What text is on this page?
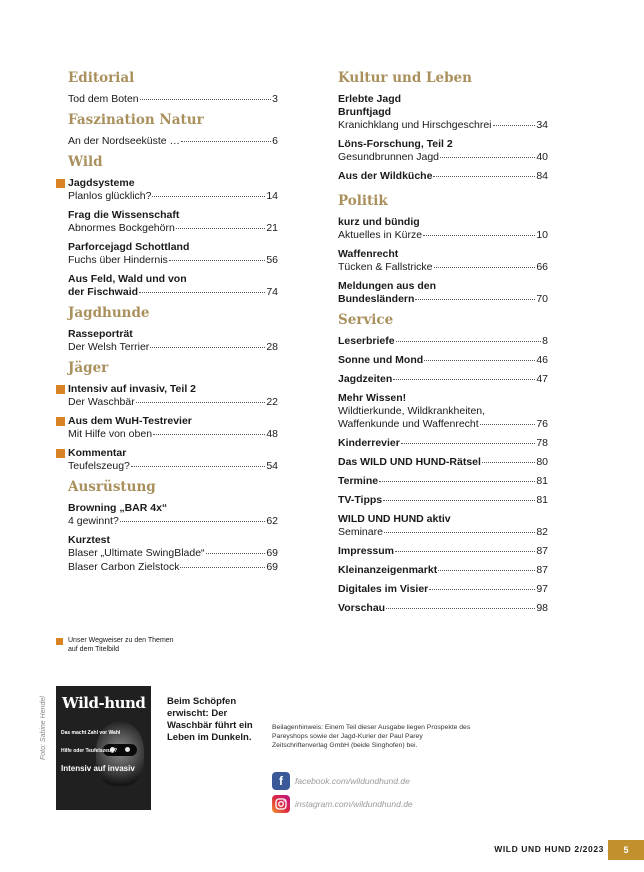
Editorial
Tod dem Boten	3
Faszination Natur
An der Nordseeküste …	6
Wild
Jagdsysteme
Planlos glücklich?	14
Frag die Wissenschaft
Abnormes Bockgehörn	21
Parforcejagd Schottland
Fuchs über Hindernis	56
Aus Feld, Wald und von
der Fischwaid	74
Jagdhunde
Rasseporträt
Der Welsh Terrier	28
Jäger
Intensiv auf invasiv, Teil 2
Der Waschbär	22
Aus dem WuH-Testrevier
Mit Hilfe von oben	48
Kommentar
Teufelszeug?	54
Ausrüstung
Browning „BAR 4x“
4 gewinnt?	62
Kurztest
Blaser „Ultimate SwingBlade“	69
Blaser Carbon Zielstock	69
Kultur und Leben
Erlebte Jagd
Brunftjagd
Kranichklang und Hirschgeschrei	34
Löns-Forschung, Teil 2
Gesundbrunnen Jagd	40
Aus der Wildküche	84
Politik
kurz und bündig
Aktuelles in Kürze	10
Waffenrecht
Tücken & Fallstricke	66
Meldungen aus den
Bundesländern	70
Service
Leserbriefe	8
Sonne und Mond	46
Jagdzeiten	47
Mehr Wissen!
Wildtierkunde, Wildkrankheiten,
Waffenkunde und Waffenrecht	76
Kinderrevier	78
Das WILD UND HUND-Rätsel	80
Termine	81
TV-Tipps	81
WILD UND HUND aktiv
Seminare	82
Impressum	87
Kleinanzeigenmarkt	87
Digitales im Visier	97
Vorschau	98
Unser Wegweiser zu den Themen auf dem Titelbild
Foto: Sabine Hendel Wild-hund
Das macht Zahl vor Wahl
Hilfe oder Teufelszeug?
Intensiv auf invasiv
Beim Schöpfen erwischt: Der Waschbär führt ein Leben im Dunkeln.
Beilagenhinweis: Einem Teil dieser Ausgabe liegen Prospekte des Pareyshops sowie der Jagd-Kurier der Paul Parey Zeitschriftenverlag GmbH (beide Singhofen) bei.
f	facebook.com/wildundhund.de
instagram.com/wildundhund.de
WILD UND HUND 2/2023	5
